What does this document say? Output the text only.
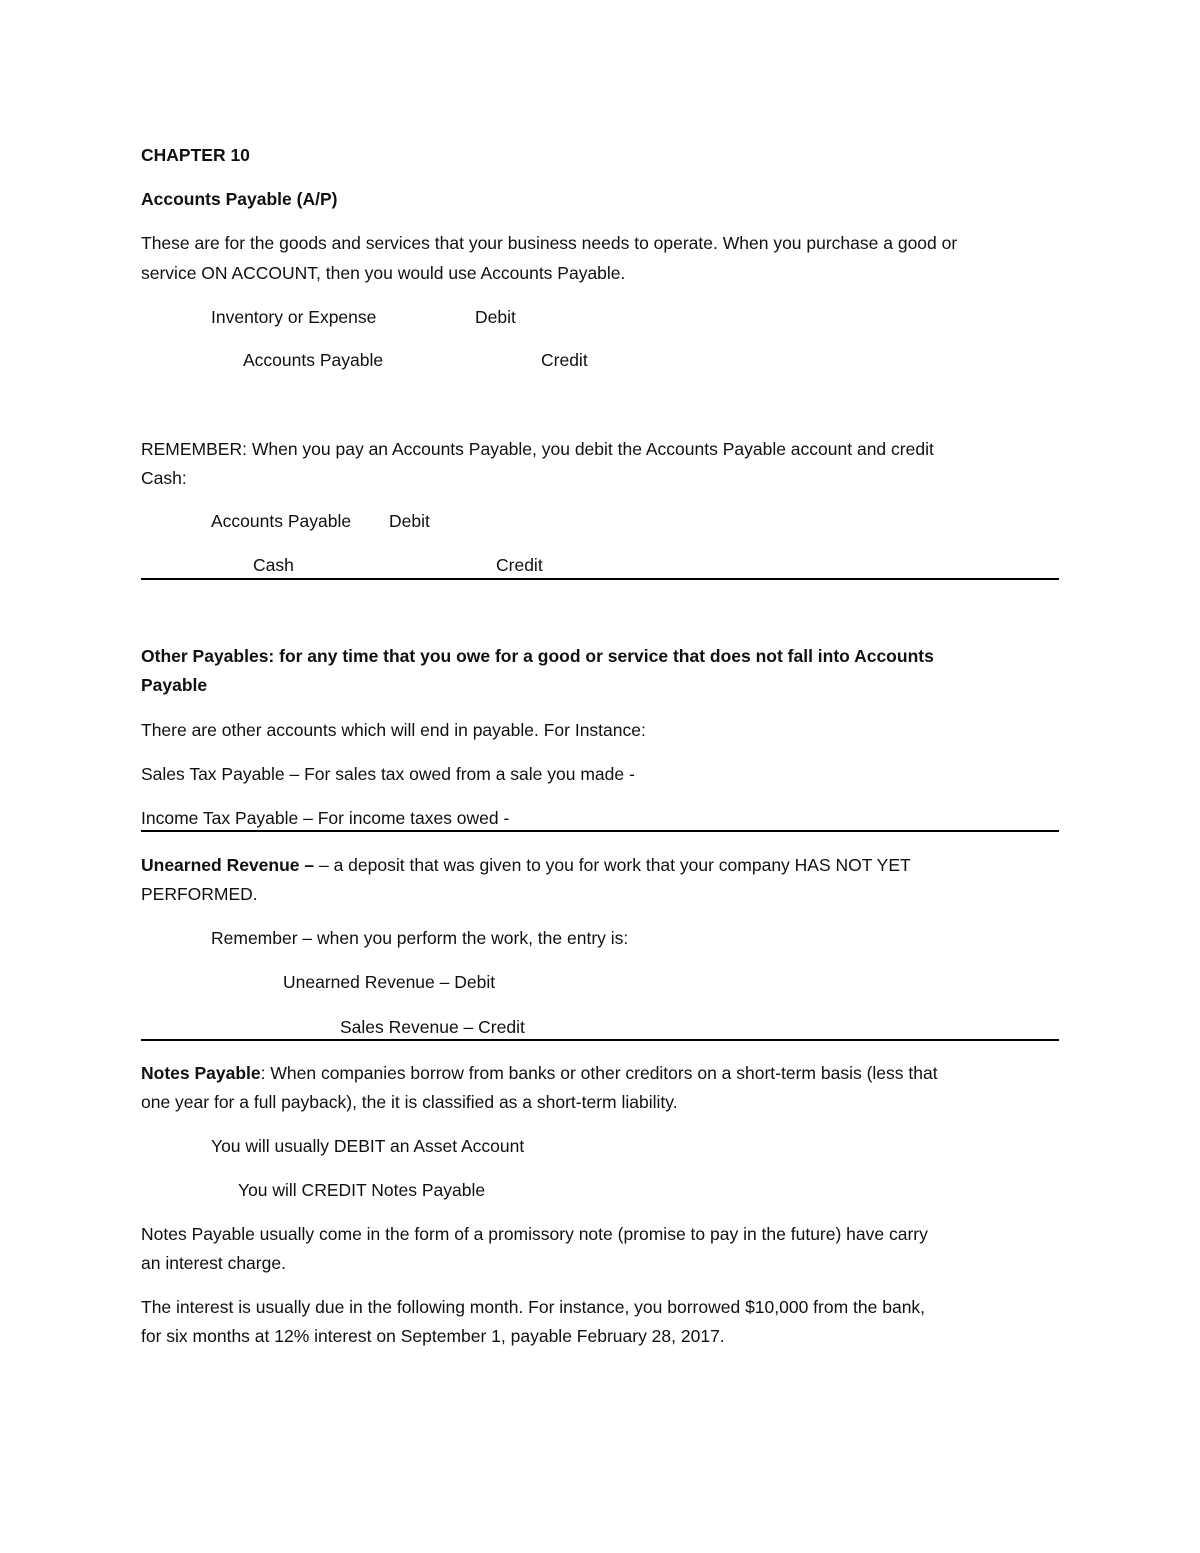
CHAPTER 10

Accounts Payable (A/P)

These are for the goods and services that your business needs to operate. When you purchase a good or

service ON ACCOUNT, then you would use Accounts Payable.

Inventory or Expense	Debit

Accounts Payable	Credit

REMEMBER: When you pay an Accounts Payable, you debit the Accounts Payable account and credit

Cash:

Accounts Payable Debit

Cash	Credit

Other Payables: for any time that you owe for a good or service that does not fall into Accounts

Payable

There are other accounts which will end in payable. For Instance:

Sales Tax Payable – For sales tax owed from a sale you made -

Income Tax Payable – For income taxes owed -

Unearned Revenue – – a deposit that was given to you for work that your company HAS NOT YET

PERFORMED.

Remember – when you perform the work, the entry is:

Unearned Revenue – Debit

Sales Revenue – Credit

Notes Payable: When companies borrow from banks or other creditors on a short-term basis (less that

one year for a full payback), the it is classified as a short-term liability.

You will usually DEBIT an Asset Account

You will CREDIT Notes Payable

Notes Payable usually come in the form of a promissory note (promise to pay in the future) have carry

an interest charge.

The interest is usually due in the following month. For instance, you borrowed $10,000 from the bank,

for six months at 12% interest on September 1, payable February 28, 2017.
